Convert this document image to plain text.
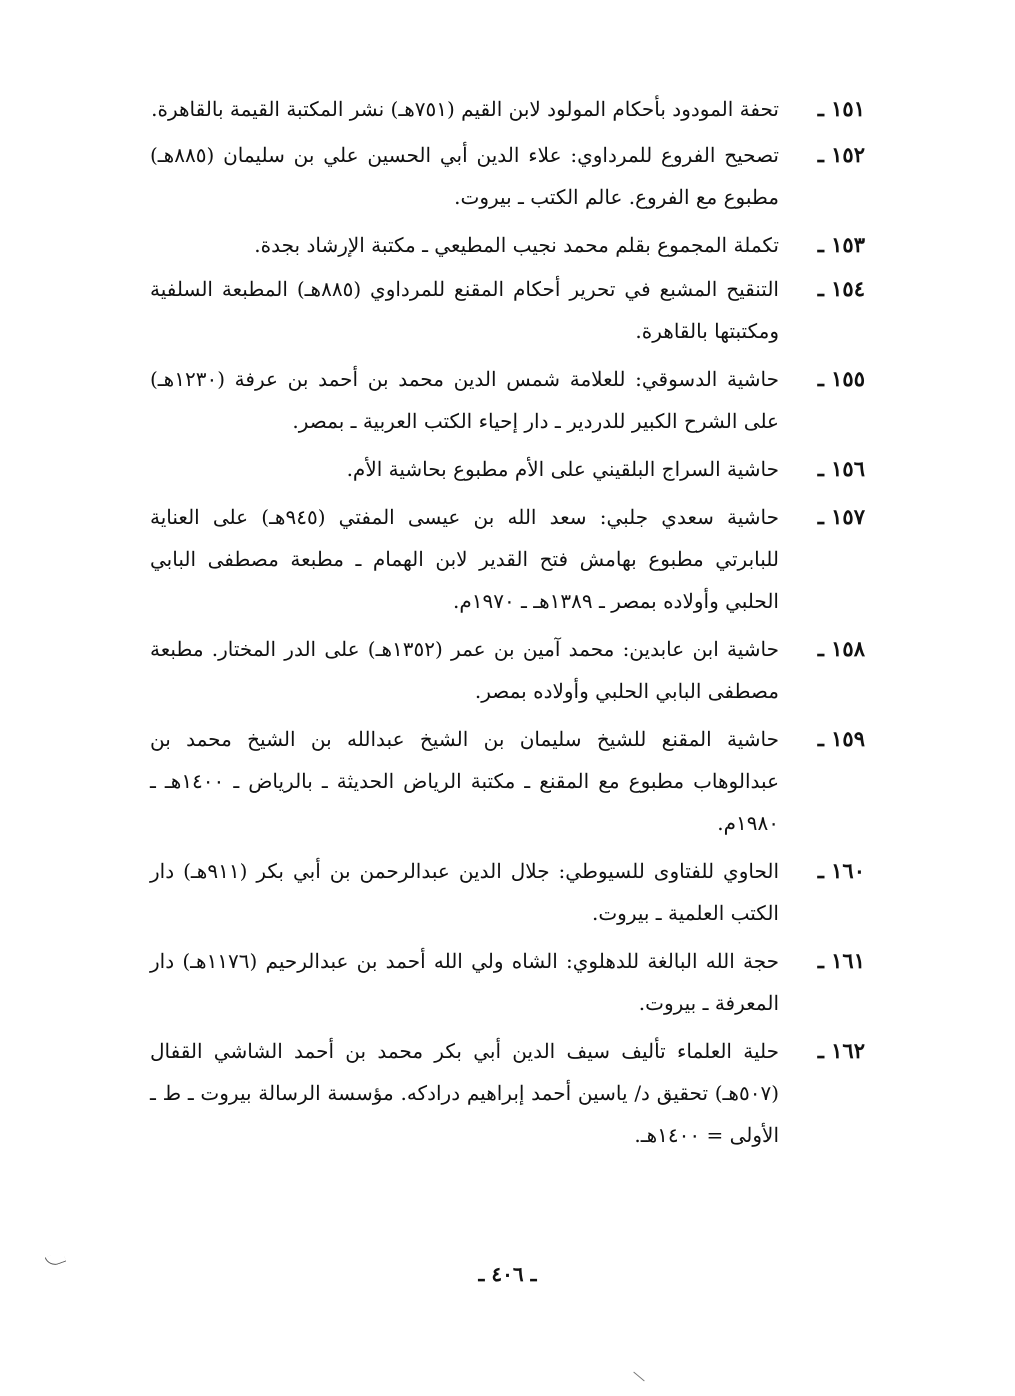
١٥١ ـ
تحفة المودود بأحكام المولود لابن القيم (٧٥١هـ) نشر المكتبة القيمة بالقاهرة.
١٥٢ ـ
تصحيح الفروع للمرداوي: علاء الدين أبي الحسين علي بن سليمان (٨٨٥هـ) مطبوع مع الفروع. عالم الكتب ـ بيروت.
١٥٣ ـ
تكملة المجموع بقلم محمد نجيب المطيعي ـ مكتبة الإرشاد بجدة.
١٥٤ ـ
التنقيح المشبع في تحرير أحكام المقنع للمرداوي (٨٨٥هـ) المطبعة السلفية ومكتبتها بالقاهرة.
١٥٥ ـ
حاشية الدسوقي: للعلامة شمس الدين محمد بن أحمد بن عرفة (١٢٣٠هـ) على الشرح الكبير للدردير ـ دار إحياء الكتب العربية ـ بمصر.
١٥٦ ـ
حاشية السراج البلقيني على الأم مطبوع بحاشية الأم.
١٥٧ ـ
حاشية سعدي جلبي: سعد الله بن عيسى المفتي (٩٤٥هـ) على العناية للبابرتي مطبوع بهامش فتح القدير لابن الهمام ـ مطبعة مصطفى البابي الحلبي وأولاده بمصر ـ ١٣٨٩هـ ـ ١٩٧٠م.
١٥٨ ـ
حاشية ابن عابدين: محمد آمين بن عمر (١٣٥٢هـ) على الدر المختار. مطبعة مصطفى البابي الحلبي وأولاده بمصر.
١٥٩ ـ
حاشية المقنع للشيخ سليمان بن الشيخ عبدالله بن الشيخ محمد بن عبدالوهاب مطبوع مع المقنع ـ مكتبة الرياض الحديثة ـ بالرياض ـ ١٤٠٠هـ ـ ١٩٨٠م.
١٦٠ ـ
الحاوي للفتاوى للسيوطي: جلال الدين عبدالرحمن بن أبي بكر (٩١١هـ) دار الكتب العلمية ـ بيروت.
١٦١ ـ
حجة الله البالغة للدهلوي: الشاه ولي الله أحمد بن عبدالرحيم (١١٧٦هـ) دار المعرفة ـ بيروت.
١٦٢ ـ
حلية العلماء تأليف سيف الدين أبي بكر محمد بن أحمد الشاشي القفال (٥٠٧هـ) تحقيق د/ ياسين أحمد إبراهيم درادكه. مؤسسة الرسالة بيروت ـ ط ـ الأولى = ١٤٠٠هـ.
ـ ٤٠٦ ـ
